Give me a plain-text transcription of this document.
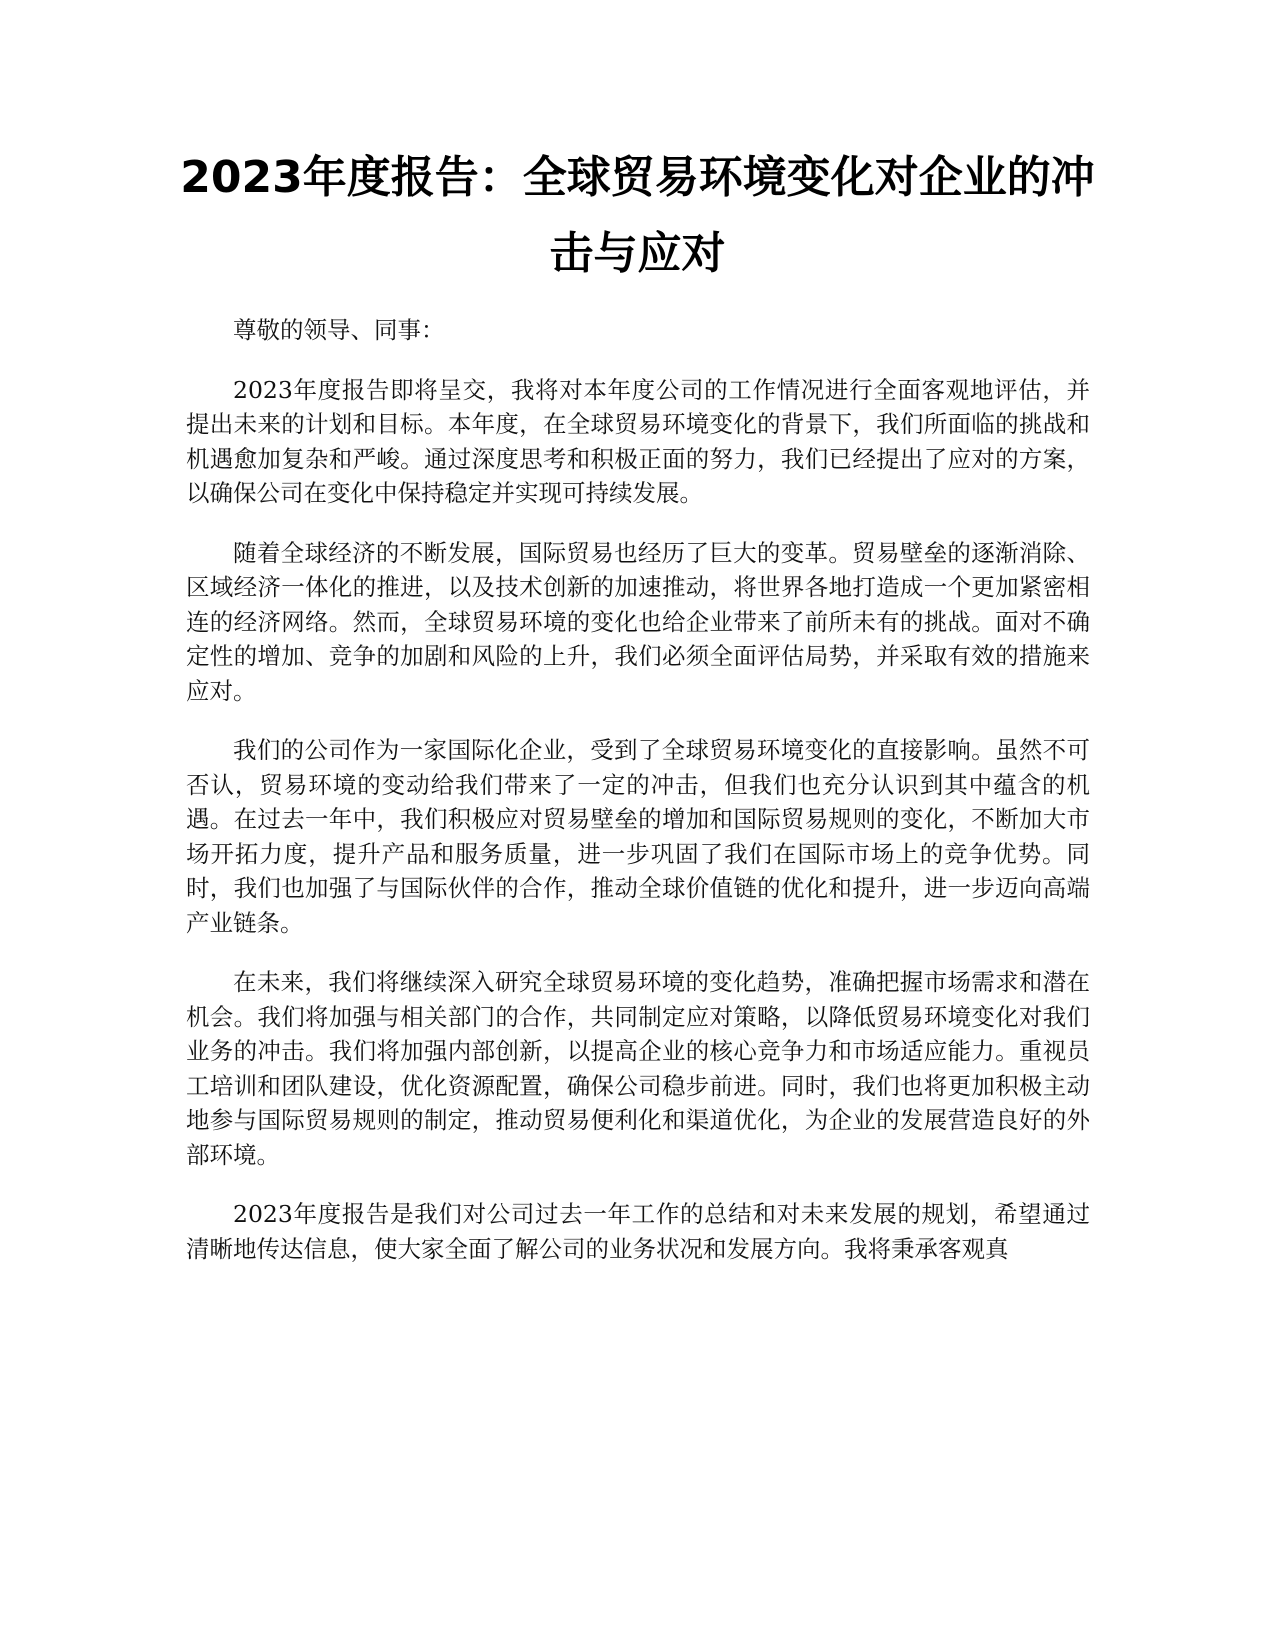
2023年度报告：全球贸易环境变化对企业的冲击与应对

尊敬的领导、同事：

2023年度报告即将呈交，我将对本年度公司的工作情况进行全面客观地评估，并提出未来的计划和目标。本年度，在全球贸易环境变化的背景下，我们所面临的挑战和机遇愈加复杂和严峻。通过深度思考和积极正面的努力，我们已经提出了应对的方案，以确保公司在变化中保持稳定并实现可持续发展。

随着全球经济的不断发展，国际贸易也经历了巨大的变革。贸易壁垒的逐渐消除、区域经济一体化的推进，以及技术创新的加速推动，将世界各地打造成一个更加紧密相连的经济网络。然而，全球贸易环境的变化也给企业带来了前所未有的挑战。面对不确定性的增加、竞争的加剧和风险的上升，我们必须全面评估局势，并采取有效的措施来应对。

我们的公司作为一家国际化企业，受到了全球贸易环境变化的直接影响。虽然不可否认，贸易环境的变动给我们带来了一定的冲击，但我们也充分认识到其中蕴含的机遇。在过去一年中，我们积极应对贸易壁垒的增加和国际贸易规则的变化，不断加大市场开拓力度，提升产品和服务质量，进一步巩固了我们在国际市场上的竞争优势。同时，我们也加强了与国际伙伴的合作，推动全球价值链的优化和提升，进一步迈向高端产业链条。

在未来，我们将继续深入研究全球贸易环境的变化趋势，准确把握市场需求和潜在机会。我们将加强与相关部门的合作，共同制定应对策略，以降低贸易环境变化对我们业务的冲击。我们将加强内部创新，以提高企业的核心竞争力和市场适应能力。重视员工培训和团队建设，优化资源配置，确保公司稳步前进。同时，我们也将更加积极主动地参与国际贸易规则的制定，推动贸易便利化和渠道优化，为企业的发展营造良好的外部环境。

2023年度报告是我们对公司过去一年工作的总结和对未来发展的规划，希望通过清晰地传达信息，使大家全面了解公司的业务状况和发展方向。我将秉承客观真
